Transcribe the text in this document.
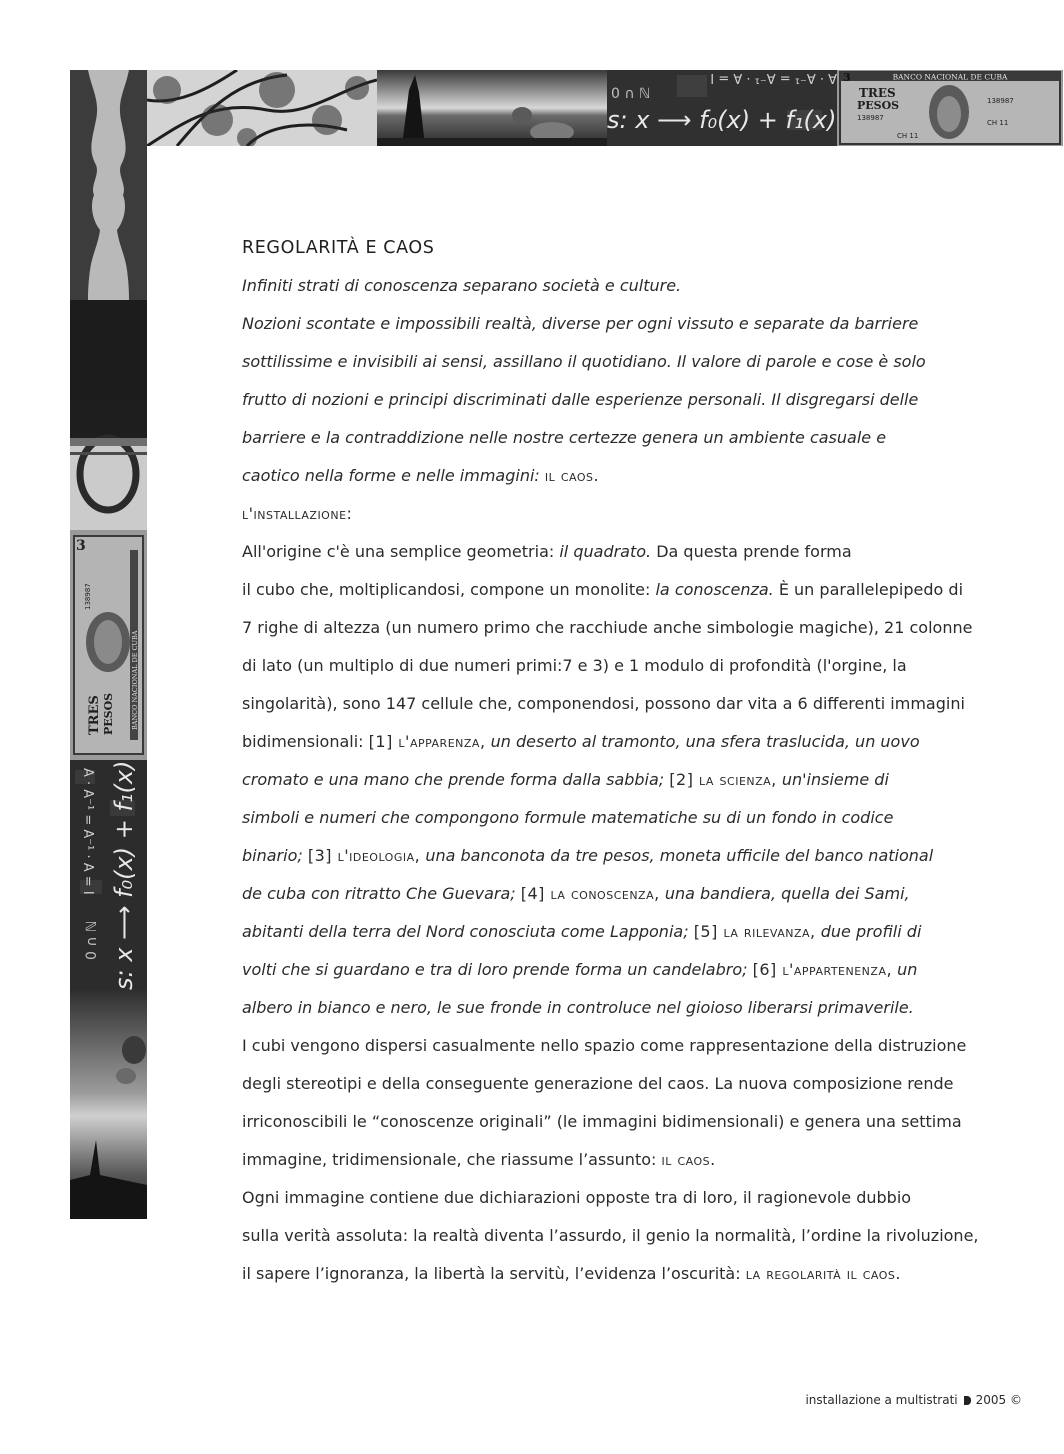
TRES PESOS BANCO NACIONAL DE CUBA
138987
3
s: x ⟶ f₀(x) + f₁(x)
A · A⁻¹ = A⁻¹ · A = I
0 ∩ ℕ
s: x ⟶ f₀(x) + f₁(x)
A · A⁻¹ = A⁻¹ · A = I
0 ∩ ℕ
BANCO NACIONAL DE CUBA
3
TRES
PESOS
138987
CH 11
138987
CH 11
REGOLARITÀ E CAOS
Infiniti strati di conoscenza separano società e culture.
Nozioni scontate e impossibili realtà, diverse per ogni vissuto e separate da barriere
sottilissime e invisibili ai sensi, assillano il quotidiano. Il valore di parole e cose è solo
frutto di nozioni e principi discriminati dalle esperienze personali. Il disgregarsi delle
barriere e la contraddizione nelle nostre certezze genera un ambiente casuale e
caotico nella forme e nelle immagini: il caos.
l'installazione:
All'origine c'è una semplice geometria: il quadrato. Da questa prende forma
il cubo che, moltiplicandosi, compone un monolite: la conoscenza. È un parallelepipedo di
7 righe di altezza (un numero primo che racchiude anche simbologie magiche), 21 colonne
di lato (un multiplo di due numeri primi:7 e 3) e 1 modulo di profondità (l'orgine, la
singolarità), sono 147 cellule che, componendosi, possono dar vita a 6 differenti immagini
bidimensionali: [1] l'apparenza, un deserto al tramonto, una sfera traslucida, un uovo
cromato e una mano che prende forma dalla sabbia; [2] la scienza, un'insieme di
simboli e numeri che compongono formule matematiche su di un fondo in codice
binario; [3] l'ideologia, una banconota da tre pesos, moneta ufficile del banco national
de cuba con ritratto Che Guevara; [4] la conoscenza, una bandiera, quella dei Sami,
abitanti della terra del Nord conosciuta come Lapponia; [5] la rilevanza, due profili di
volti che si guardano e tra di loro prende forma un candelabro; [6] l'appartenenza, un
albero in bianco e nero, le sue fronde in controluce nel gioioso liberarsi primaverile.
I cubi vengono dispersi casualmente nello spazio come rappresentazione della distruzione
degli stereotipi e della conseguente generazione del caos. La nuova composizione rende
irriconoscibili le “conoscenze originali” (le immagini bidimensionali) e genera una settima
immagine, tridimensionale, che riassume l’assunto: il caos.
Ogni immagine contiene due dichiarazioni opposte tra di loro, il ragionevole dubbio
sulla verità assoluta: la realtà diventa l’assurdo, il genio la normalità, l’ordine la rivoluzione,
il sapere l’ignoranza, la libertà la servitù, l’evidenza l’oscurità: la regolarità il caos.
installazione a multistrati 2005 ©
